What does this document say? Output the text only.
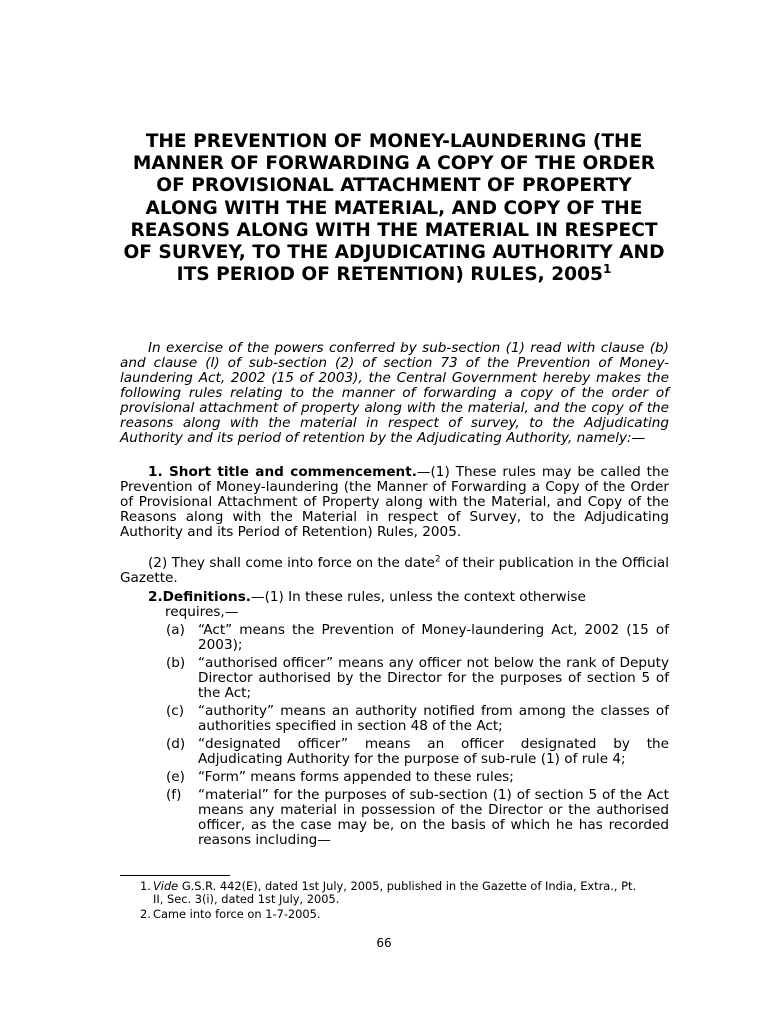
THE PREVENTION OF MONEY-LAUNDERING (THE MANNER OF FORWARDING A COPY OF THE ORDER OF PROVISIONAL ATTACHMENT OF PROPERTY ALONG WITH THE MATERIAL, AND COPY OF THE REASONS ALONG WITH THE MATERIAL IN RESPECT OF SURVEY, TO THE ADJUDICATING AUTHORITY AND ITS PERIOD OF RETENTION) RULES, 2005$^1$

In exercise of the powers conferred by sub-section (1) read with clause (b) and clause (l) of sub-section (2) of section 73 of the Prevention of Money-laundering Act, 2002 (15 of 2003), the Central Government hereby makes the following rules relating to the manner of forwarding a copy of the order of provisional attachment of property along with the material, and the copy of the reasons along with the material in respect of survey, to the Adjudicating Authority and its period of retention by the Adjudicating Authority, namely:—

1. Short title and commencement.—(1) These rules may be called the Prevention of Money-laundering (the Manner of Forwarding a Copy of the Order of Provisional Attachment of Property along with the Material, and Copy of the Reasons along with the Material in respect of Survey, to the Adjudicating Authority and its Period of Retention) Rules, 2005.

(2) They shall come into force on the date$^2$ of their publication in the Official Gazette.

2.Definitions.—(1) In these rules, unless the context otherwise
requires,—
(a) “Act” means the Prevention of Money-laundering Act, 2002 (15 of 2003);
(b) “authorised officer” means any officer not below the rank of Deputy Director authorised by the Director for the purposes of section 5 of the Act;
(c) “authority” means an authority notified from among the classes of authorities specified in section 48 of the Act;
(d) “designated officer” means an officer designated by the Adjudicating Authority for the purpose of sub-rule (1) of rule 4;
(e) “Form” means forms appended to these rules;
(f) “material” for the purposes of sub-section (1) of section 5 of the Act means any material in possession of the Director or the authorised officer, as the case may be, on the basis of which he has recorded reasons including—
1. Vide G.S.R. 442(E), dated 1st July, 2005, published in the Gazette of India, Extra., Pt. II, Sec. 3(i), dated 1st July, 2005.
2. Came into force on 1-7-2005.
66
